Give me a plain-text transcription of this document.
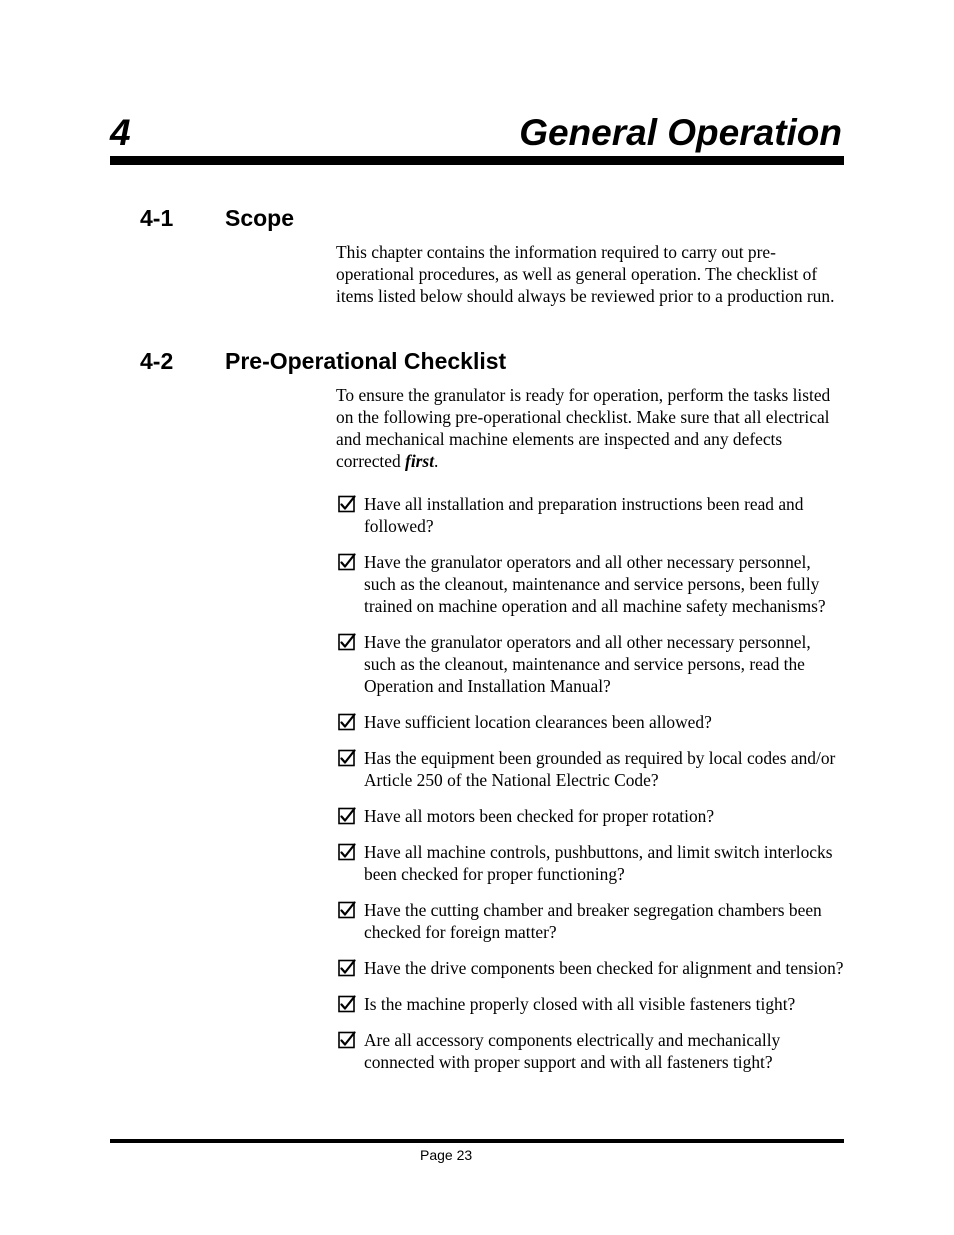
4	General Operation
4-1 Scope

This chapter contains the information required to carry out pre-operational procedures, as well as general operation. The checklist of items listed below should always be reviewed prior to a production run.

4-2 Pre-Operational Checklist

To ensure the granulator is ready for operation, perform the tasks listed on the following pre-operational checklist. Make sure that all electrical and mechanical machine elements are inspected and any defects corrected first.

Have all installation and preparation instructions been read and followed?
Have the granulator operators and all other necessary personnel, such as the cleanout, maintenance and service persons, been fully trained on machine operation and all machine safety mechanisms?
Have the granulator operators and all other necessary personnel, such as the cleanout, maintenance and service persons, read the Operation and Installation Manual?
Have sufficient location clearances been allowed?
Has the equipment been grounded as required by local codes and/or Article 250 of the National Electric Code?
Have all motors been checked for proper rotation?
Have all machine controls, pushbuttons, and limit switch interlocks been checked for proper functioning?
Have the cutting chamber and breaker segregation chambers been checked for foreign matter?
Have the drive components been checked for alignment and tension?
Is the machine properly closed with all visible fasteners tight?
Are all accessory components electrically and mechanically connected with proper support and with all fasteners tight?
Page 23
